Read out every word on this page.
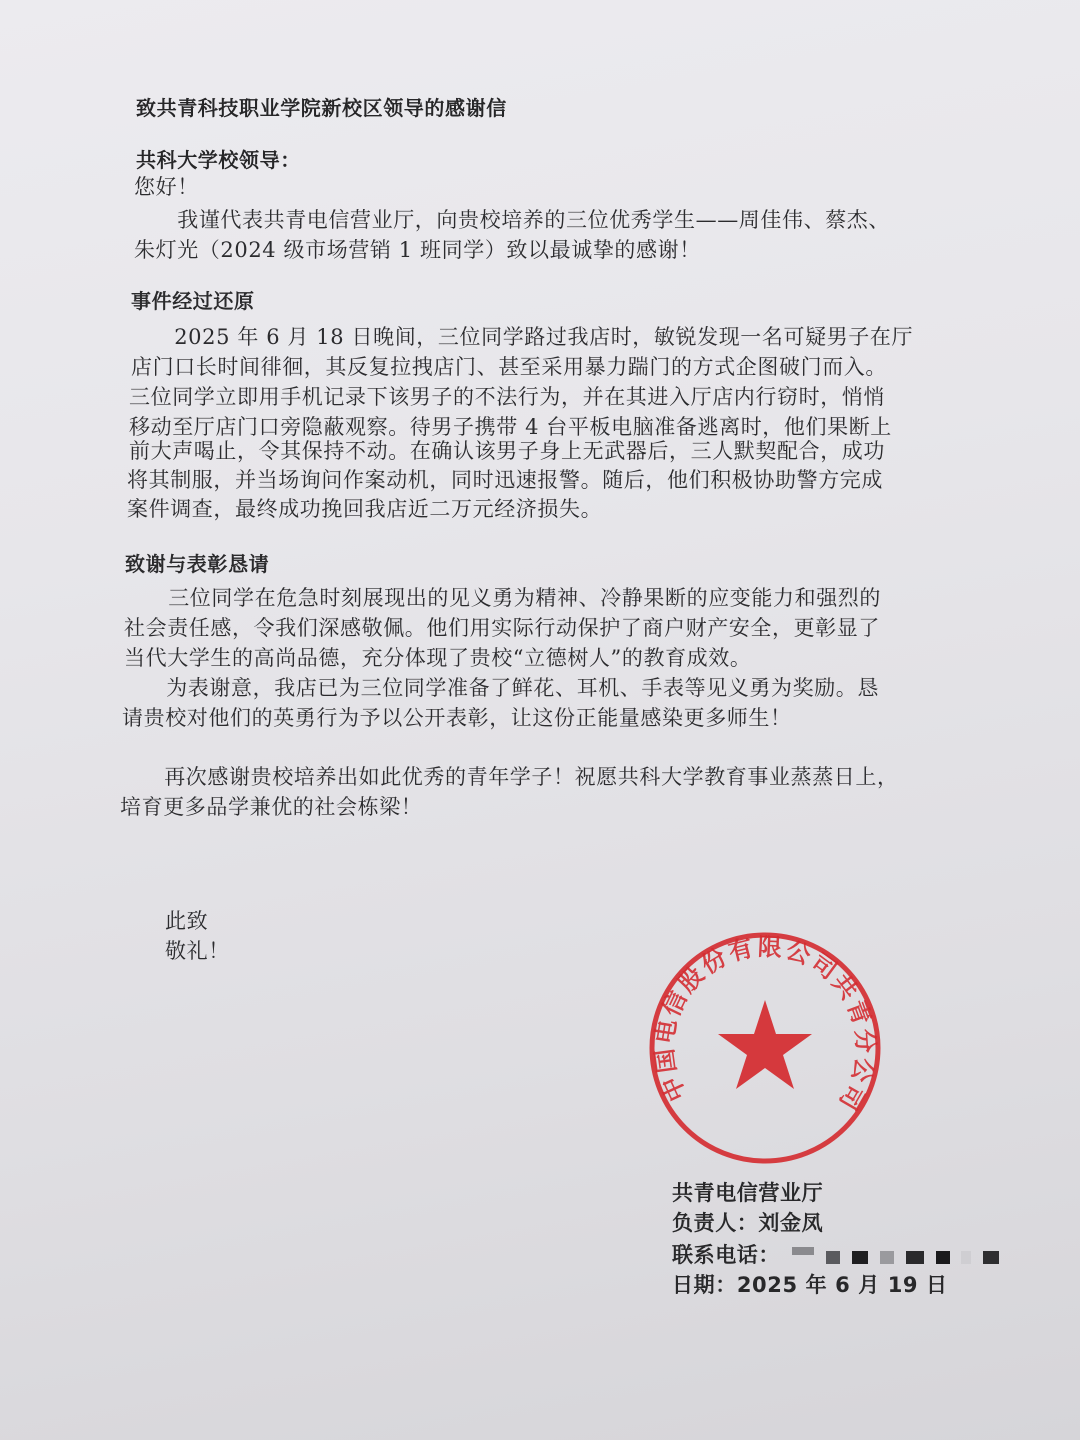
致共青科技职业学院新校区领导的感谢信
共科大学校领导：
您好！
　　我谨代表共青电信营业厅，向贵校培养的三位优秀学生——周佳伟、蔡杰、
朱灯光（2024 级市场营销 1 班同学）致以最诚挚的感谢！
事件经过还原
　　2025 年 6 月 18 日晚间，三位同学路过我店时，敏锐发现一名可疑男子在厅
店门口长时间徘徊，其反复拉拽店门、甚至采用暴力踹门的方式企图破门而入。
三位同学立即用手机记录下该男子的不法行为，并在其进入厅店内行窃时，悄悄
移动至厅店门口旁隐蔽观察。待男子携带 4 台平板电脑准备逃离时，他们果断上
前大声喝止，令其保持不动。在确认该男子身上无武器后，三人默契配合，成功
将其制服，并当场询问作案动机，同时迅速报警。随后，他们积极协助警方完成
案件调查，最终成功挽回我店近二万元经济损失。
致谢与表彰恳请
　　三位同学在危急时刻展现出的见义勇为精神、冷静果断的应变能力和强烈的
社会责任感，令我们深感敬佩。他们用实际行动保护了商户财产安全，更彰显了
当代大学生的高尚品德，充分体现了贵校“立德树人”的教育成效。
　　为表谢意，我店已为三位同学准备了鲜花、耳机、手表等见义勇为奖励。恳
请贵校对他们的英勇行为予以公开表彰，让这份正能量感染更多师生！
　　再次感谢贵校培养出如此优秀的青年学子！祝愿共科大学教育事业蒸蒸日上，
培育更多品学兼优的社会栋梁！
此致
敬礼！
中国电信股份有限公司共青分公司
共青电信营业厅
负责人：刘金凤
联系电话：
日期：2025 年 6 月 19 日
